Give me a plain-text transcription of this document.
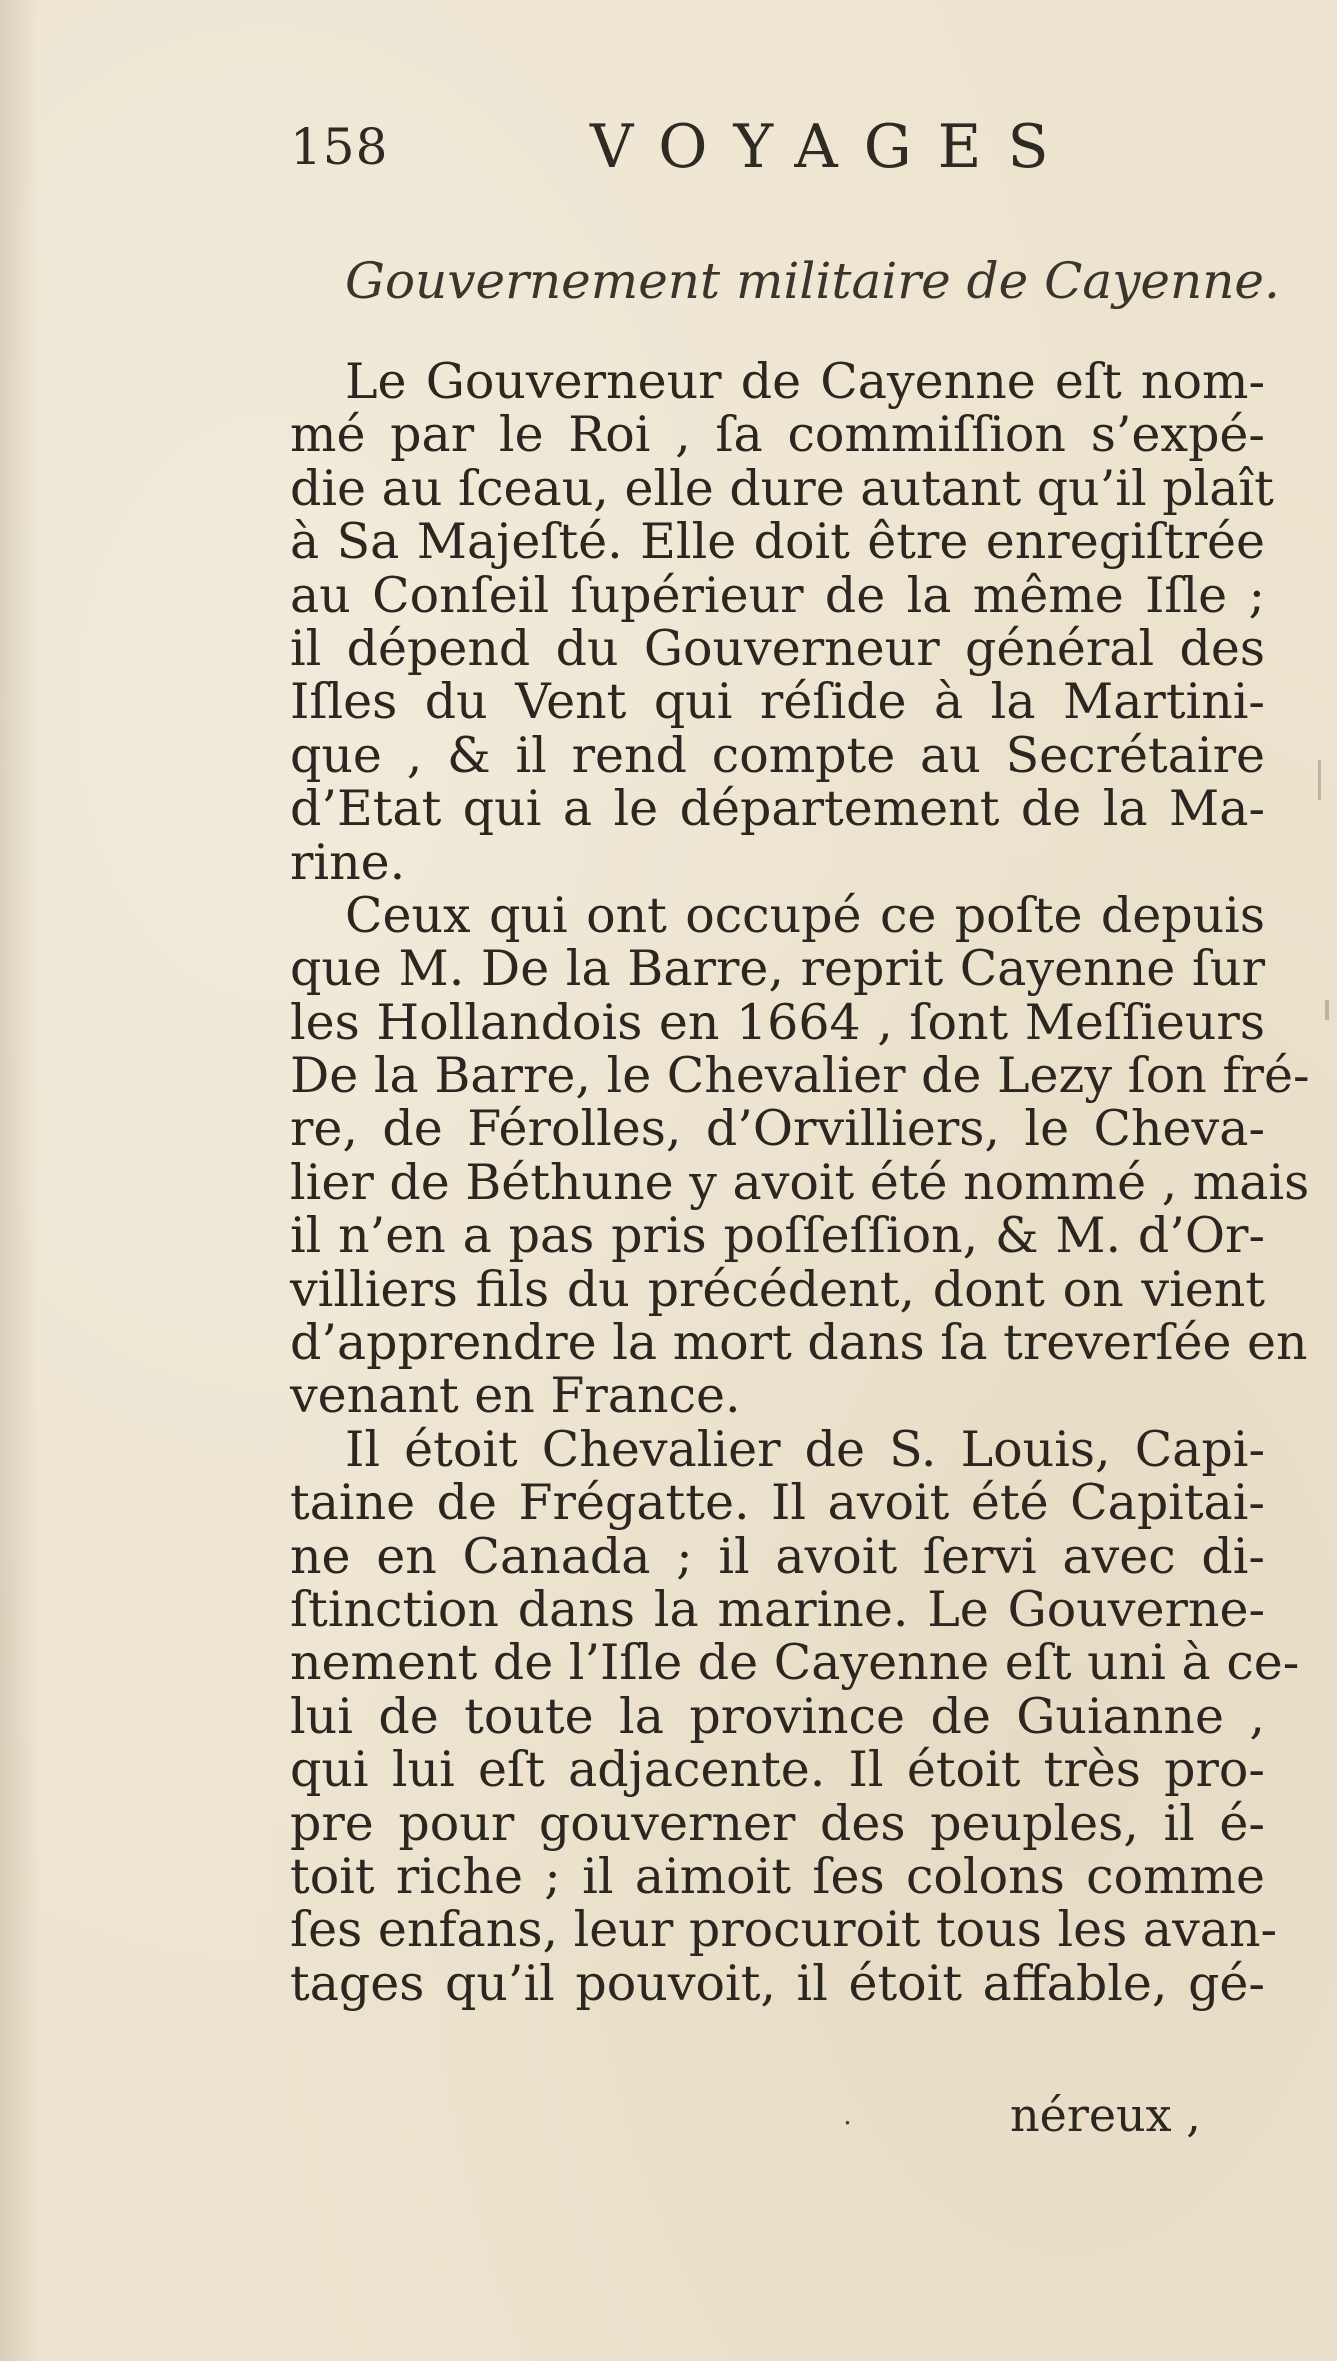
158	VOYAGES
Gouvernement militaire de Cayenne.
Le Gouverneur de Cayenne eſt nom-
mé par le Roi , ſa commiſſion s’expé-
die au ſceau, elle dure autant qu’il plaît
à Sa Majeſté. Elle doit être enregiſtrée
au Conſeil ſupérieur de la même Iſle ;
il dépend du Gouverneur général des
Iſles du Vent qui réſide à la Martini-
que , & il rend compte au Secrétaire
d’Etat qui a le département de la Ma-
rine.
Ceux qui ont occupé ce poſte depuis
que M. De la Barre, reprit Cayenne ſur
les Hollandois en 1664 , ſont Meſſieurs
De la Barre, le Chevalier de Lezy ſon fré-
re, de Férolles, d’Orvilliers, le Cheva-
lier de Béthune y avoit été nommé , mais
il n’en a pas pris poſſeſſion, & M. d’Or-
villiers fils du précédent, dont on vient
d’apprendre la mort dans ſa treverſée en
venant en France.
Il étoit Chevalier de S. Louis, Capi-
taine de Frégatte. Il avoit été Capitai-
ne en Canada ; il avoit ſervi avec di-
ſtinction dans la marine. Le Gouverne-
nement de l’Iſle de Cayenne eſt uni à ce-
lui de toute la province de Guianne ,
qui lui eſt adjacente. Il étoit très pro-
pre pour gouverner des peuples, il é-
toit riche ; il aimoit ſes colons comme
ſes enfans, leur procuroit tous les avan-
tages qu’il pouvoit, il étoit affable, gé-
.	néreux ,
